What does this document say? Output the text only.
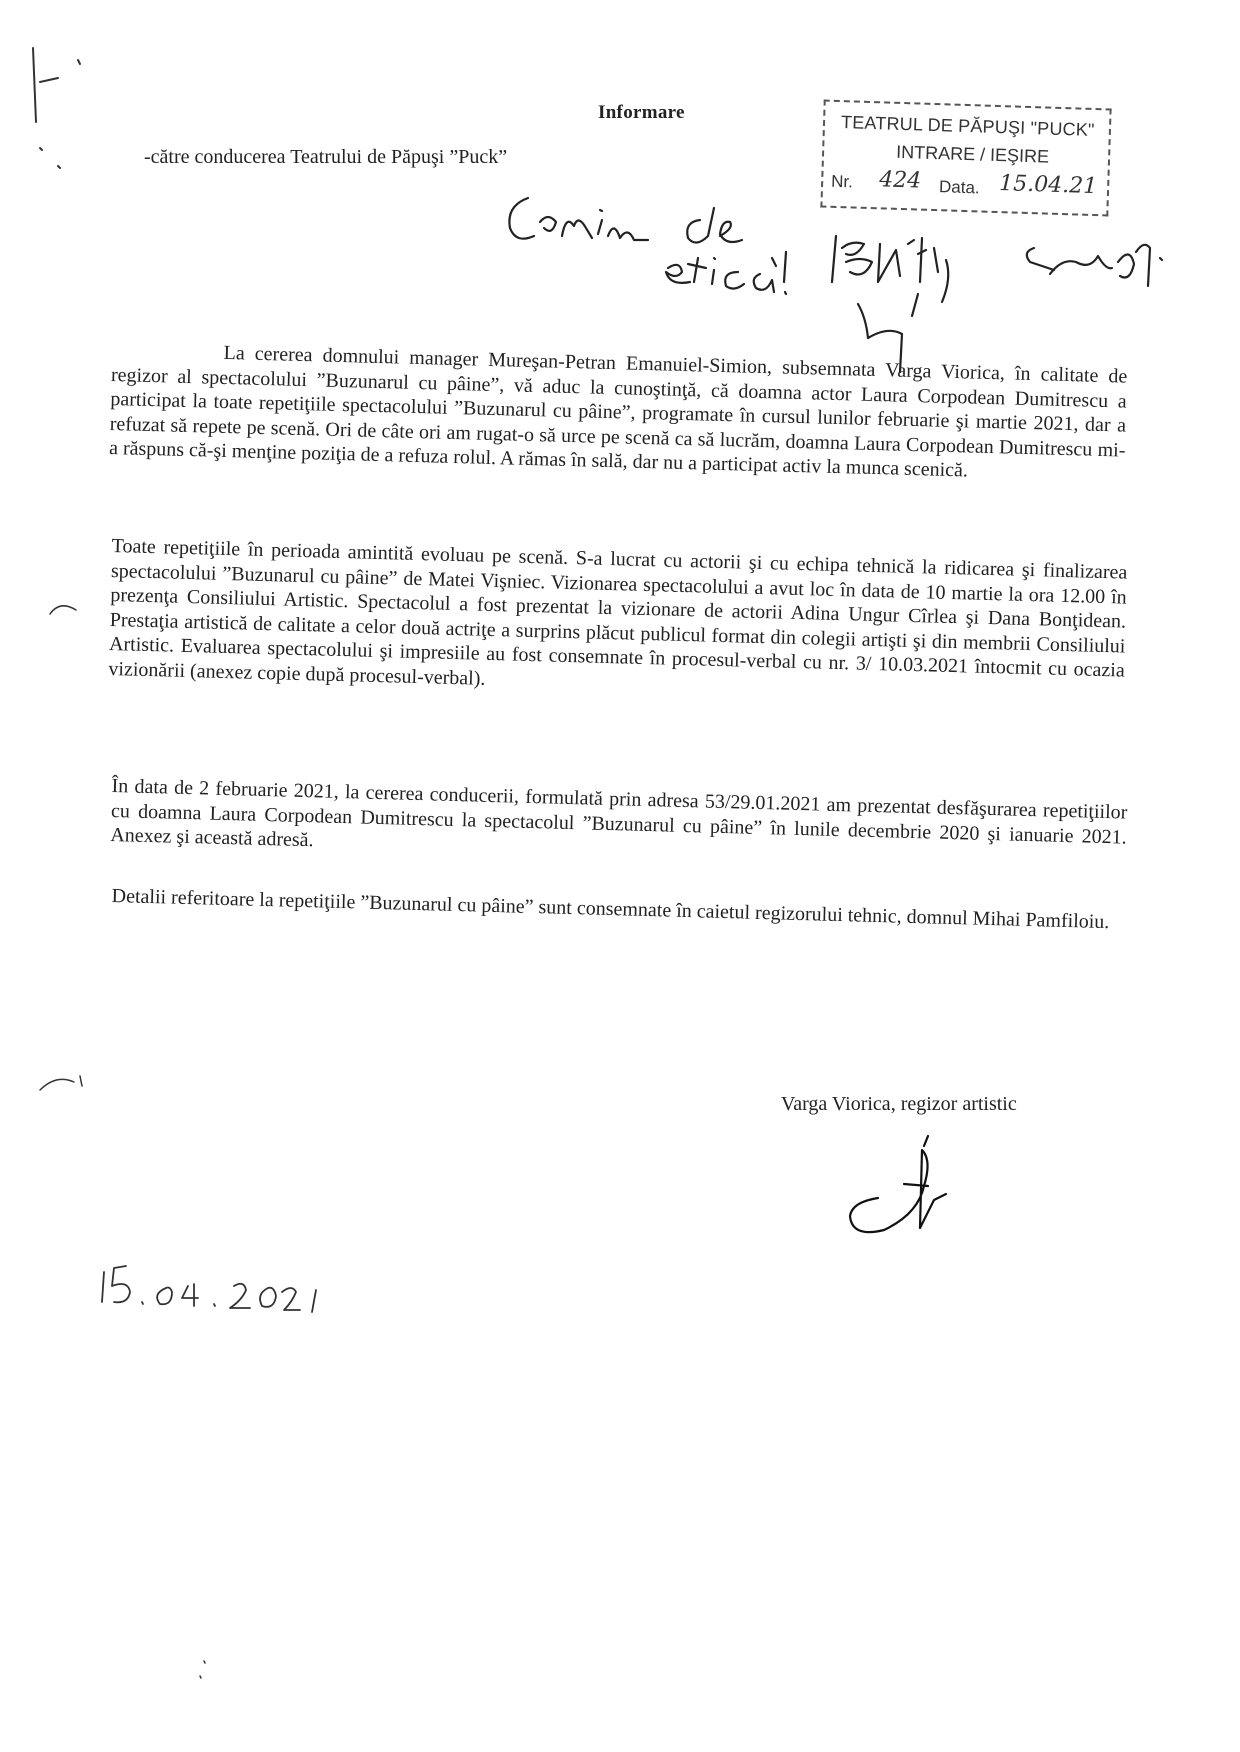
Informare
-către conducerea Teatrului de Păpuşi ”Puck”
TEATRUL DE PĂPUŞI "PUCK"
INTRARE / IEŞIRE
Nr. 424 Data. 15.04.21
La cererea domnului manager Mureşan-Petran Emanuiel-Simion, subsemnata Varga Viorica, în calitate de regizor al spectacolului ”Buzunarul cu pâine”, vă aduc la cunoştinţă, că doamna actor Laura Corpodean Dumitrescu a participat la toate repetiţiile spectacolului ”Buzunarul cu pâine”, programate în cursul lunilor februarie şi martie 2021, dar a refuzat să repete pe scenă. Ori de câte ori am rugat-o să urce pe scenă ca să lucrăm, doamna Laura Corpodean Dumitrescu mi-a răspuns că-şi menţine poziţia de a refuza rolul. A rămas în sală, dar nu a participat activ la munca scenică.
Toate repetiţiile în perioada amintită evoluau pe scenă. S-a lucrat cu actorii şi cu echipa tehnică la ridicarea şi finalizarea spectacolului ”Buzunarul cu pâine” de Matei Vişniec. Vizionarea spectacolului a avut loc în data de 10 martie la ora 12.00 în prezenţa Consiliului Artistic. Spectacolul a fost prezentat la vizionare de actorii Adina Ungur Cîrlea şi Dana Bonţidean. Prestaţia artistică de calitate a celor două actriţe a surprins plăcut publicul format din colegii artişti şi din membrii Consiliului Artistic. Evaluarea spectacolului şi impresiile au fost consemnate în procesul-verbal cu nr. 3/ 10.03.2021 întocmit cu ocazia vizionării (anexez copie după procesul-verbal).
În data de 2 februarie 2021, la cererea conducerii, formulată prin adresa 53/29.01.2021 am prezentat desfăşurarea repetiţiilor cu doamna Laura Corpodean Dumitrescu la spectacolul ”Buzunarul cu pâine” în lunile decembrie 2020 şi ianuarie 2021. Anexez şi această adresă.
Detalii referitoare la repetiţiile ”Buzunarul cu pâine” sunt consemnate în caietul regizorului tehnic, domnul Mihai Pamfiloiu.
Varga Viorica, regizor artistic
